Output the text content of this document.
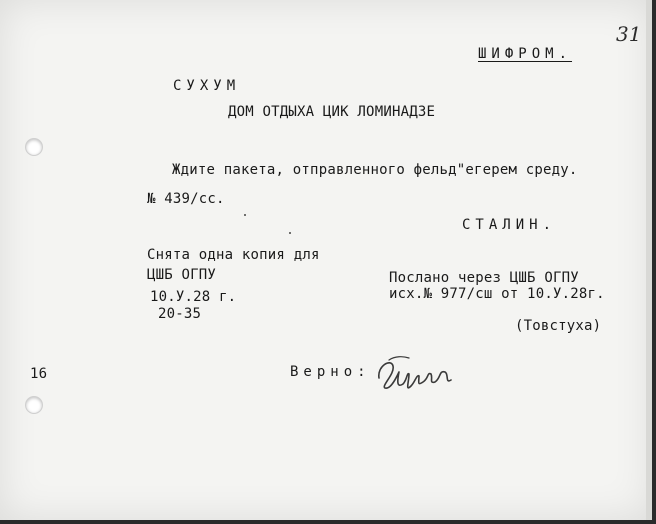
31
ШИФРОМ.
СУХУМ
ДОМ ОТДЫХА ЦИК ЛОМИНАДЗЕ
Ждите пакета, отправленного фельд"егерем среду.
№ 439/сс.
СТАЛИН.
Снята одна копия для
ЦШБ ОГПУ
10.У.28 г.
20-35
Послано через ЦШБ ОГПУ
исх.№ 977/сш от 10.У.28г.
(Товстуха)
16	Верно:
